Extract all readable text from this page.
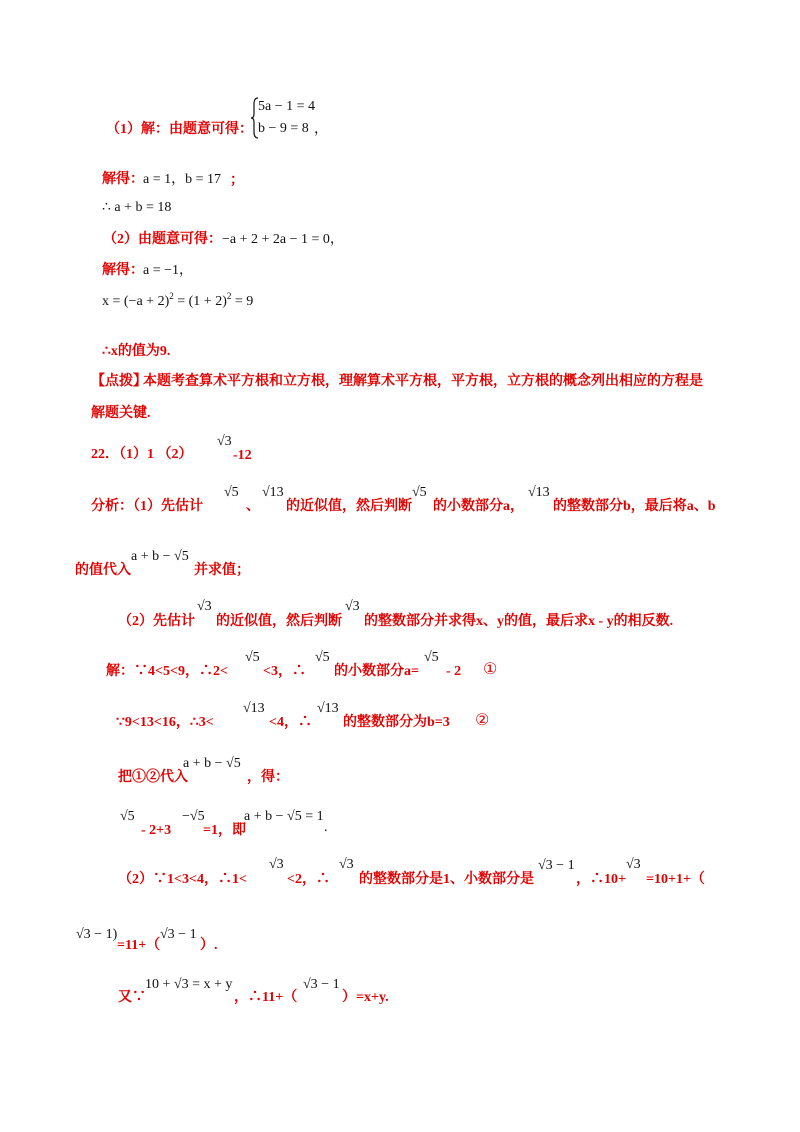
（1）解：由题意可得：
5a − 1 = 4
b − 9 = 8 ，
解得： a = 1，b = 17 ；
∴ a + b = 18
（2）由题意可得： −a + 2 + 2a − 1 = 0，
解得： a = −1，
$x = (-a + 2)^2 = (1 + 2)^2 = 9$
∴x的值为9.
【点拨】
本题考查算术平方根和立方根，理解算术平方根，平方根，立方根的概念列出相应的方程是
解题关键.
22．（1）1 （2）
√3
-12
分析：（1）先估计
√5
、
√13
的近似值，然后判断
√5
的小数部分a，
√13
的整数部分b，最后将a、b
的值代入
a + b − √5
并求值；
（2）先估计
√3
的近似值，然后判断
√3
的整数部分并求得x、y的值，最后求x - y的相反数.
解：∵4<5<9，∴2<
√5
<3，∴
√5
的小数部分a=
√5
- 2 ①
∵9<13<16，∴3<
√13
<4，∴
√13
的整数部分为b=3 ②
把①②代入
a + b − √5
，得：
√5
- 2+3
−√5
=1，即
a + b − √5 = 1
.
（2）∵1<3<4，∴1<
√3
<2，∴
√3
的整数部分是1、小数部分是
√3 − 1
，∴10+
√3
=10+1+（
√3 − 1)
=11+（
√3 − 1
）.
又∵
10 + √3 = x + y
，∴11+（
√3 − 1
）=x+y.
